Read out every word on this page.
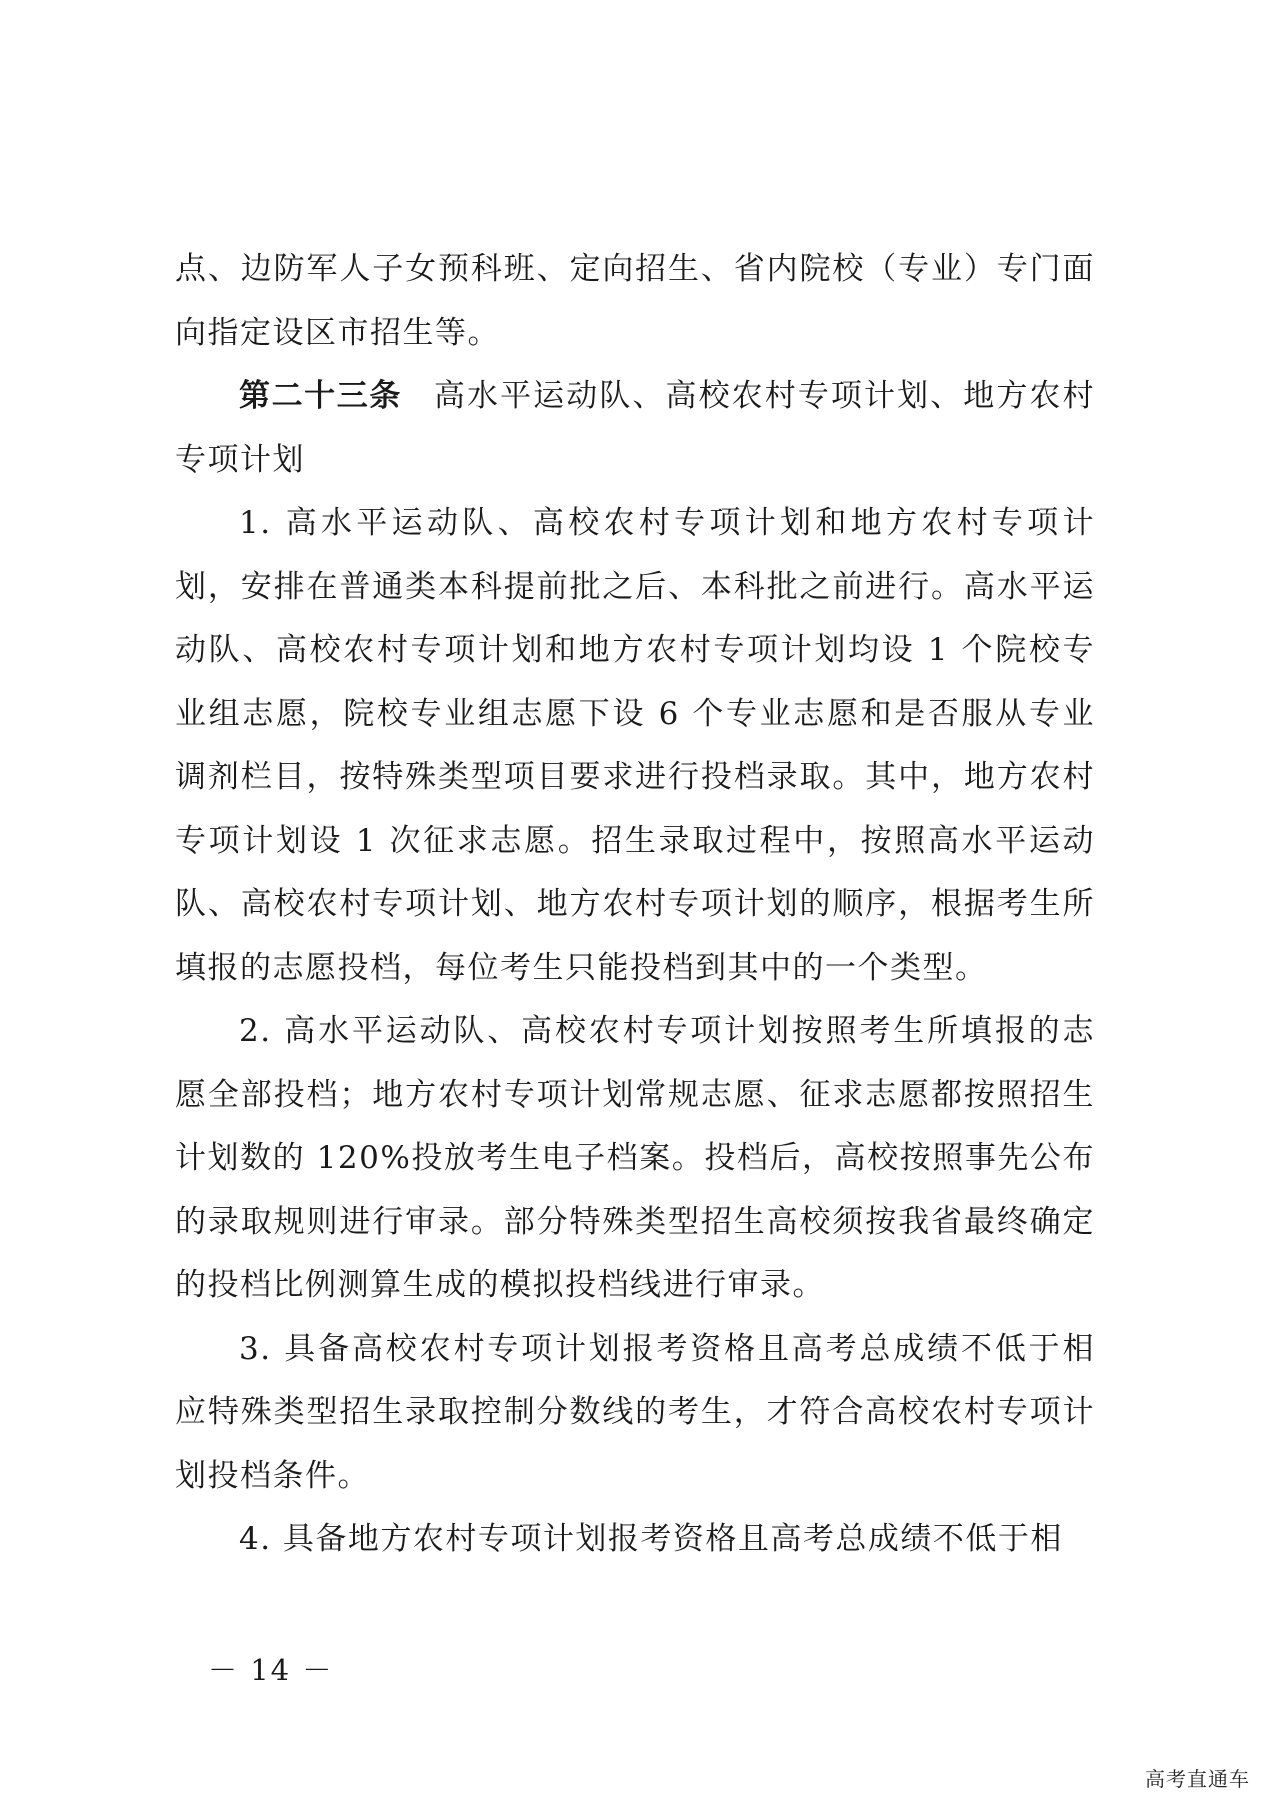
点、边防军人子女预科班、定向招生、省内院校（专业）专门面向指定设区市招生等。

第二十三条 高水平运动队、高校农村专项计划、地方农村专项计划

1. 高水平运动队、高校农村专项计划和地方农村专项计划，安排在普通类本科提前批之后、本科批之前进行。高水平运动队、高校农村专项计划和地方农村专项计划均设 1 个院校专业组志愿，院校专业组志愿下设 6 个专业志愿和是否服从专业调剂栏目，按特殊类型项目要求进行投档录取。其中，地方农村专项计划设 1 次征求志愿。招生录取过程中，按照高水平运动队、高校农村专项计划、地方农村专项计划的顺序，根据考生所填报的志愿投档，每位考生只能投档到其中的一个类型。

2. 高水平运动队、高校农村专项计划按照考生所填报的志愿全部投档；地方农村专项计划常规志愿、征求志愿都按照招生计划数的 120%投放考生电子档案。投档后，高校按照事先公布的录取规则进行审录。部分特殊类型招生高校须按我省最终确定的投档比例测算生成的模拟投档线进行审录。

3. 具备高校农村专项计划报考资格且高考总成绩不低于相应特殊类型招生录取控制分数线的考生，才符合高校农村专项计划投档条件。

4. 具备地方农村专项计划报考资格且高考总成绩不低于相

－ 14 －
高考直通车
